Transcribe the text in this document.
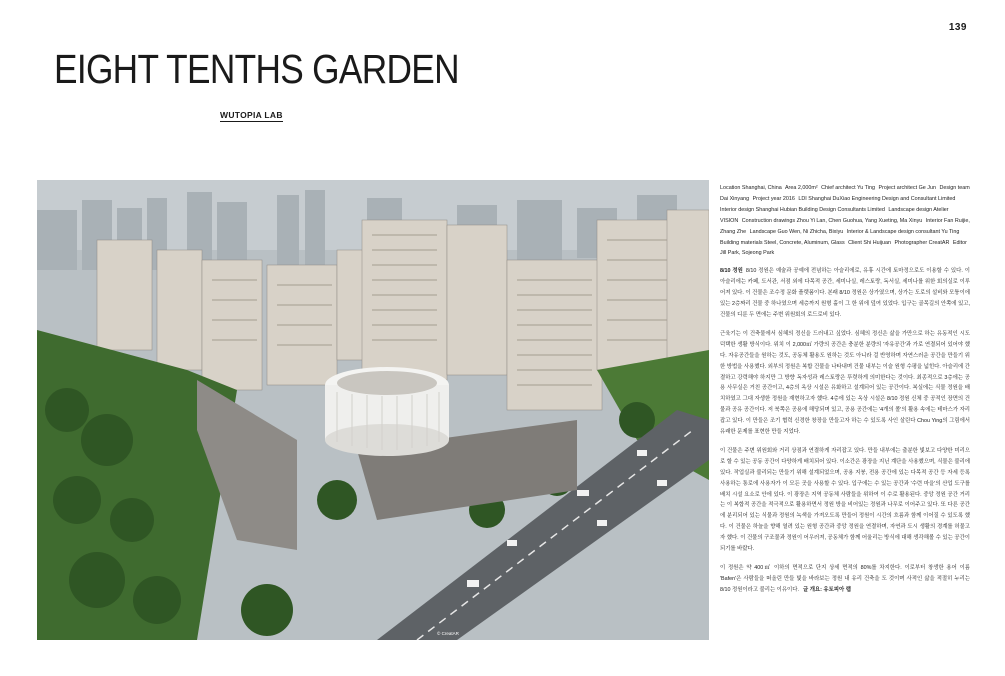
139
EIGHT TENTHS GARDEN
WUTOPIA LAB
© CreatAR

Location Shanghai, China Area 2,000m² Chief architect Yu Ting Project architect Ge Jun Design team Dai Xinyang Project year 2016 LDI Shanghai DuXiao Engineering Design and Consultant Limited Interior design Shanghai Hubian Building Design Consultants Limited Landscape design Atelier VISION Construction drawings Zhou Yi Lan, Chen Guohua, Yang Xueting, Ma Xinyu Interior Fan Ruijie, Zhang Zhe Landscape Guo Wen, Ni Zhicha, Bixiyu Interior & Landscape design consultant Yu Ting Building materials Steel, Concrete, Aluminum, Glass Client Shi Huijuan Photographer CreatAR Editor Jill Park, Sojeong Park

8/10 정원 8/10 정원은 예술과 공예에 전념하는 아슬리에로, 유휴 시간에 토마정으로도 이용할 수 있다. 이 아슬리에는 카페, 도서관, 서점 외에 다목적 공간, 세미나실, 레스토랑, 독서실, 세미나를 위한 회의실로 이루어져 있다. 이 건물은 조수정 문화 플랫폼이다. 본래 8/10 정원은 상가였으며, 상가는 도로의 설비와 모퉁이에 있는 2층짜리 건물 중 하나였으며 세층까지 원형 홀이 그 한 위에 덮여 있었다. 입구는 골목길의 안쪽에 있고, 건물의 디룬 두 면에는 주변 위원회의 로드로비 있다.

근육기는 이 건축물에서 심혜의 정신을 드러내고 싶었다. 심혜의 정신은 삶을 가만으로 하는 유동적인 시도 덕택한 생활 방식이다. 위치 이 2,000㎡ 가량의 공간은 충분한 분량의 '자유공간'과 가로 연결되어 있어야 했다. 자유공간들을 원하는 것도, 공동체 활용도 원하는 것도 아니라 걸 반영하며 자연스러운 공간을 만들기 위한 방법을 사용했다. 외부의 정원은 복합 건물을 나타내며 건물 내부는 이슬 원형 수평을 넓힌다. 아슬리에 간결하고 강력해야 하지만 그 방향 독자성과 레스토랑은 뚜렷하게 의미한다는 것이다. 최종적으로 3층에는 공용 사무실은 거친 공간이고, 4층의 옥상 시설은 유화하고 설계되어 있는 공간이다. 복실에는 식물 정원을 배치하였고 그대 자생한 정원을 재현하고자 했다. 4층에 있는 옥상 시설은 8/10 정원 신체 중 공적인 장면의 건물과 공유 공간이다. 저 북쪽은 공용에 해당되며 있고, 공용 공간에는 '4개의 폴'의 활용 속에는 테마스가 자리 잡고 있다. 이 만들은 조기 협력 신경한 창장을 만들고자 하는 수 있도록 사인 살린다 Chou Ying의 그림에서 유래한 문제를 표현한 만들 지었다.

이 건물은 주변 위원회와 거리 상점과 연결하게 자리잡고 있다. 만들 내부에는 출분한 빛보고 다양한 미리으로 할 수 있는 공동 공간이 다양하게 배치되어 있다. 이소간은 광장을 지닌 계단을 사용했으며, 식물은 불리에 있다. 작업실과 불리되는 만들기 위해 설계되었으며, 공용 지붕, 전용 공간에 있는 다목적 공간 등 자세 등록 사용하는 통로에 사용자가 이 모든 곳을 사용할 수 있다. 입구에는 수 있는 공간과 '수련 마을'의 산업 도구를 배치 시설 요소로 안에 있다. 이 광장은 지역 공동체 사람들을 위하여 이 수로 활용된다. 중앙 정원 공간 거리는 이 복합적 공간을 적극적으로 활용하면서 정원 방을 비어있는 정원과 나무로 이어주고 있다. 또 다른 공간에 분리되어 있는 식물과 정원의 녹색을 가져오도록 만들어 정원이 시간의 흐름과 함께 이어질 수 있도록 했다. 이 건물은 하늘을 향해 열려 있는 원형 공간과 중앙 정원을 연결하며, 자연과 도시 생활의 경계를 허물고자 했다. 이 건물의 구조물과 정원이 어우러져, 공동체가 함께 어울리는 방식에 대해 생각해볼 수 있는 공간이 되기를 바랐다.

이 정원은 약 400㎡ 이하의 면적으로 단지 상세 면적의 80%를 차지한다. 이로부터 창생한 용어 이름 'Bafen'은 사람들을 떠올린 만들 빛을 바라보는 정원 내 유리 건축을 도 것이며 사적인 삶을 적절히 누리는 8/10 정원이라고 불리는 이유이다. 글 개요: 유토피아 랩
